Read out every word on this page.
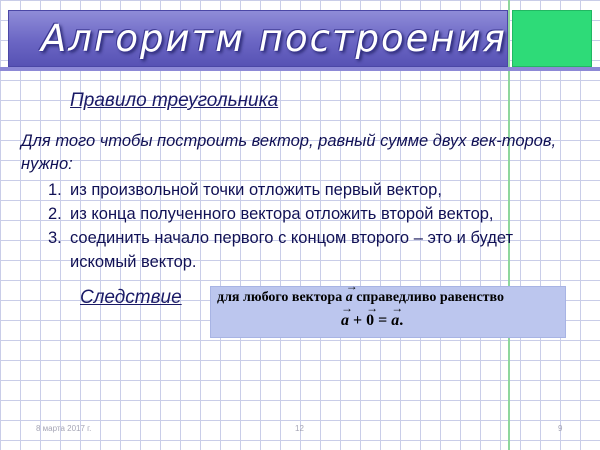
Алгоритм построения
Правило треугольника
Для того чтобы построить вектор, равный сумме двух век-торов, нужно:
1. из произвольной точки отложить первый вектор,
2. из конца полученного вектора отложить второй вектор,
3. соединить начало первого с концом второго – это и будет искомый вектор.
Следствие	для любого вектора → a справедливо равенство
→ a + → 0 = → a.
8 марта 2017 г.	12	9
